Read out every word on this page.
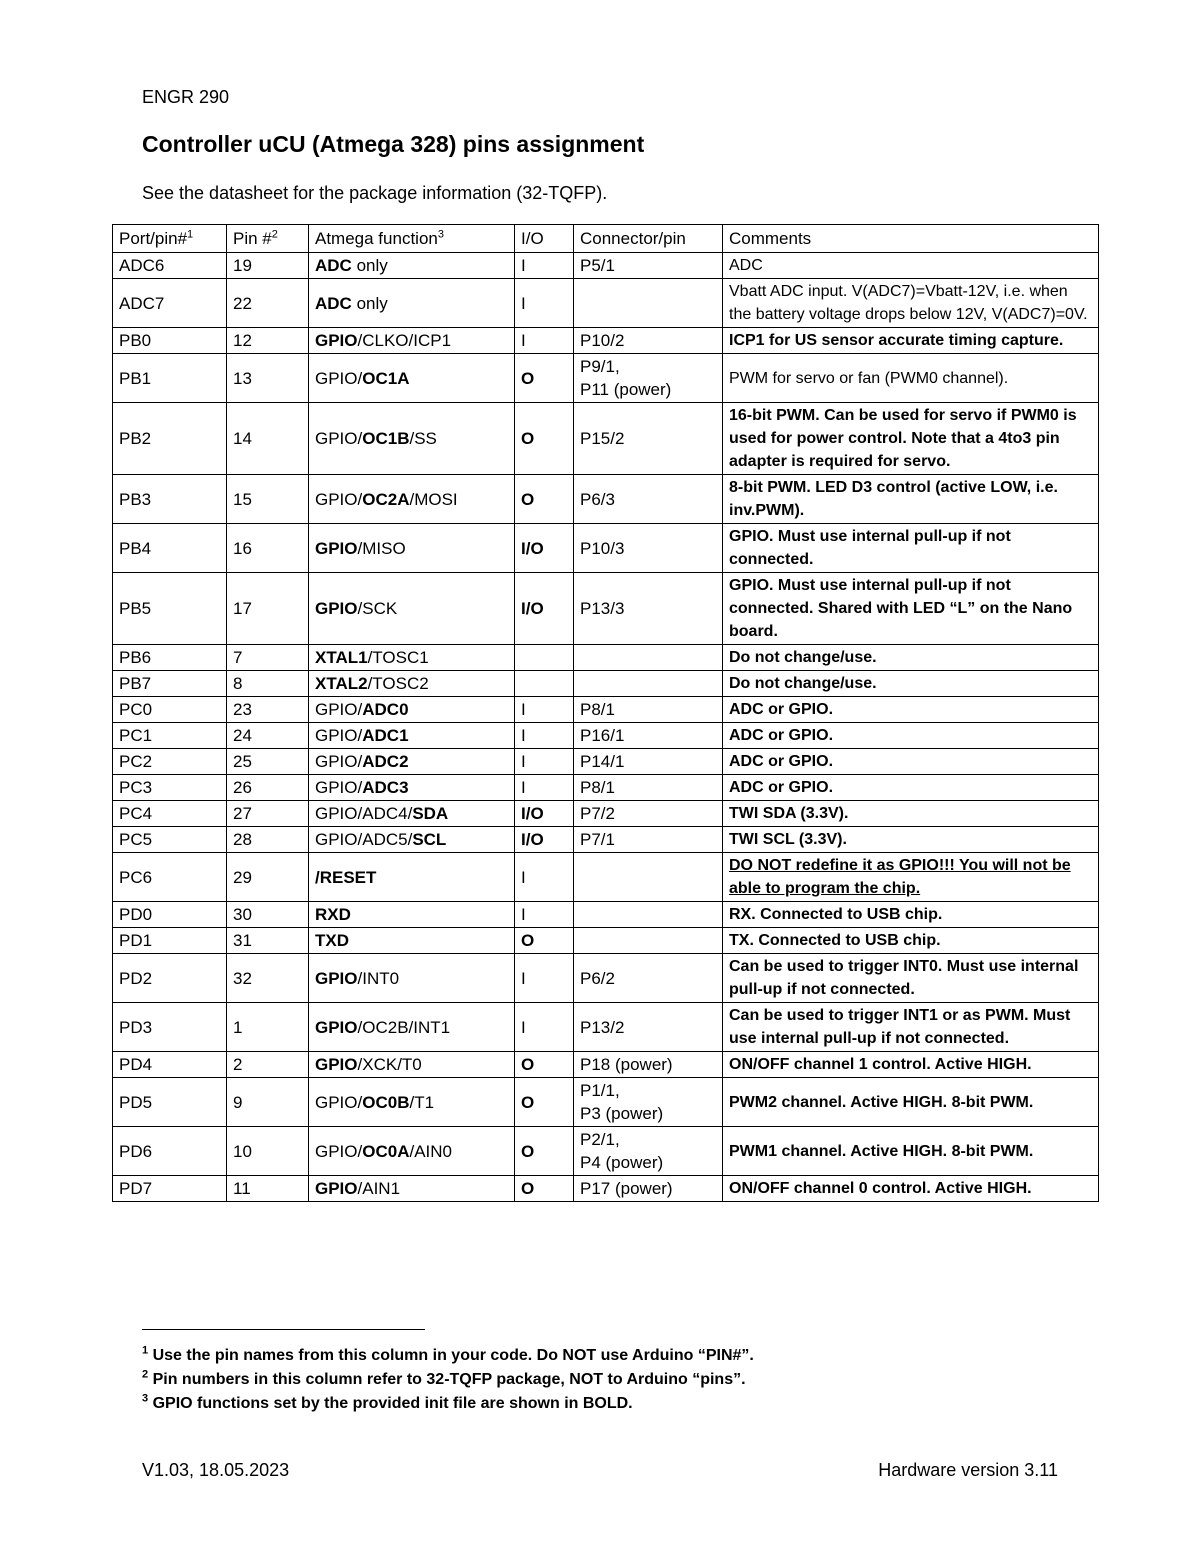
ENGR 290
Controller uCU (Atmega 328) pins assignment
See the datasheet for the package information (32-TQFP).
Port/pin#$^1$	Pin #$^2$	Atmega function$^3$	I/O	Connector/pin	Comments
ADC6	19	ADC only	I	P5/1	ADC

ADC7	22	ADC only	I		Vbatt ADC input. V(ADC7)=Vbatt-12V, i.e. when the battery voltage drops below 12V, V(ADC7)=0V.

PB0	12	GPIO/CLKO/ICP1	I	P10/2	ICP1 for US sensor accurate timing capture.

PB1	13	GPIO/OC1A	O	P9/1,
P11 (power)	PWM for servo or fan (PWM0 channel).

PB2	14	GPIO/OC1B/SS	O	P15/2	16-bit PWM. Can be used for servo if PWM0 is used for power control. Note that a 4to3 pin adapter is required for servo.

PB3	15	GPIO/OC2A/MOSI	O	P6/3	8-bit PWM. LED D3 control (active LOW, i.e. inv.PWM).

PB4	16	GPIO/MISO	I/O	P10/3	GPIO. Must use internal pull-up if not connected.

PB5	17	GPIO/SCK	I/O	P13/3	GPIO. Must use internal pull-up if not connected. Shared with LED “L” on the Nano board.

PB6	7	XTAL1/TOSC1			Do not change/use.

PB7	8	XTAL2/TOSC2			Do not change/use.

PC0	23	GPIO/ADC0	I	P8/1	ADC or GPIO.

PC1	24	GPIO/ADC1	I	P16/1	ADC or GPIO.

PC2	25	GPIO/ADC2	I	P14/1	ADC or GPIO.

PC3	26	GPIO/ADC3	I	P8/1	ADC or GPIO.

PC4	27	GPIO/ADC4/SDA	I/O	P7/2	TWI SDA (3.3V).

PC5	28	GPIO/ADC5/SCL	I/O	P7/1	TWI SCL (3.3V).

PC6	29	/RESET	I		DO NOT redefine it as GPIO!!! You will not be able to program the chip.

PD0	30	RXD	I		RX. Connected to USB chip.

PD1	31	TXD	O		TX. Connected to USB chip.

PD2	32	GPIO/INT0	I	P6/2	Can be used to trigger INT0. Must use internal pull-up if not connected.

PD3	1	GPIO/OC2B/INT1	I	P13/2	Can be used to trigger INT1 or as PWM. Must use internal pull-up if not connected.

PD4	2	GPIO/XCK/T0	O	P18 (power)	ON/OFF channel 1 control. Active HIGH.

PD5	9	GPIO/OC0B/T1	O	P1/1,
P3 (power)	PWM2 channel. Active HIGH. 8-bit PWM.

PD6	10	GPIO/OC0A/AIN0	O	P2/1,
P4 (power)	PWM1 channel. Active HIGH. 8-bit PWM.

PD7	11	GPIO/AIN1	O	P17 (power)	ON/OFF channel 0 control. Active HIGH.
$^1$ Use the pin names from this column in your code. Do NOT use Arduino “PIN#”.
$^2$ Pin numbers in this column refer to 32-TQFP package, NOT to Arduino “pins”.
$^3$ GPIO functions set by the provided init file are shown in BOLD.
V1.03, 18.05.2023	Hardware version 3.11
